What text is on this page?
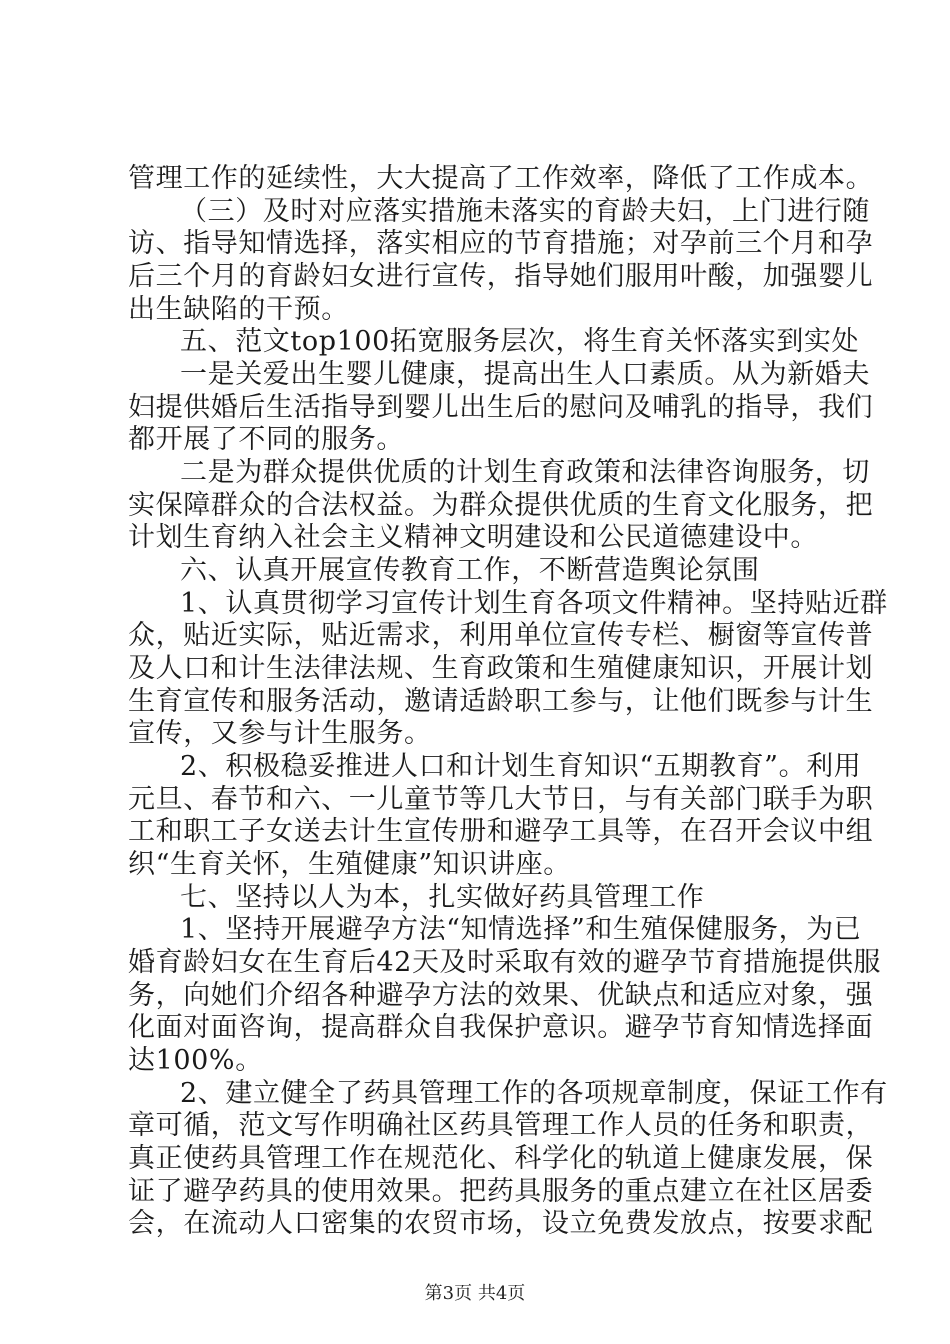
管理工作的延续性，大大提高了工作效率，降低了工作成本。
（三）及时对应落实措施未落实的育龄夫妇，上门进行随
访、指导知情选择，落实相应的节育措施；对孕前三个月和孕
后三个月的育龄妇女进行宣传，指导她们服用叶酸，加强婴儿
出生缺陷的干预。
五、范文top100拓宽服务层次，将生育关怀落实到实处
一是关爱出生婴儿健康，提高出生人口素质。从为新婚夫
妇提供婚后生活指导到婴儿出生后的慰问及哺乳的指导，我们
都开展了不同的服务。
二是为群众提供优质的计划生育政策和法律咨询服务，切
实保障群众的合法权益。为群众提供优质的生育文化服务，把
计划生育纳入社会主义精神文明建设和公民道德建设中。
六、认真开展宣传教育工作，不断营造舆论氛围
1、认真贯彻学习宣传计划生育各项文件精神。坚持贴近群
众，贴近实际，贴近需求，利用单位宣传专栏、橱窗等宣传普
及人口和计生法律法规、生育政策和生殖健康知识，开展计划
生育宣传和服务活动，邀请适龄职工参与，让他们既参与计生
宣传，又参与计生服务。
2、积极稳妥推进人口和计划生育知识“五期教育”。利用
元旦、春节和六、一儿童节等几大节日，与有关部门联手为职
工和职工子女送去计生宣传册和避孕工具等，在召开会议中组
织“生育关怀，生殖健康”知识讲座。
七、坚持以人为本，扎实做好药具管理工作
1、坚持开展避孕方法“知情选择”和生殖保健服务，为已
婚育龄妇女在生育后42天及时采取有效的避孕节育措施提供服
务，向她们介绍各种避孕方法的效果、优缺点和适应对象，强
化面对面咨询，提高群众自我保护意识。避孕节育知情选择面
达100%。
2、建立健全了药具管理工作的各项规章制度，保证工作有
章可循，范文写作明确社区药具管理工作人员的任务和职责，
真正使药具管理工作在规范化、科学化的轨道上健康发展，保
证了避孕药具的使用效果。把药具服务的重点建立在社区居委
会，在流动人口密集的农贸市场，设立免费发放点，按要求配
第3页 共4页
